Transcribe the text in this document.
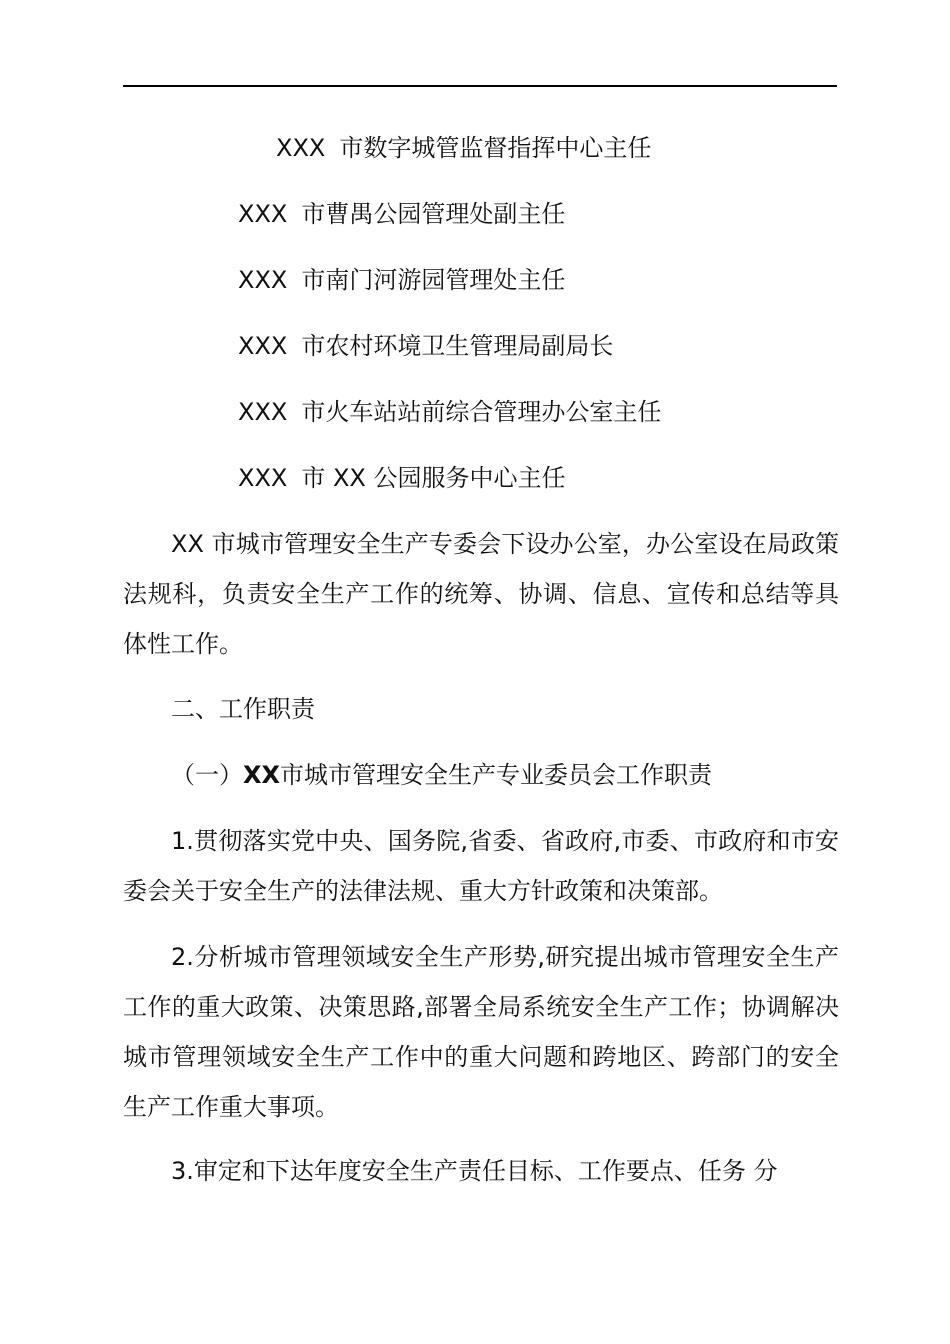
XXX 市数字城管监督指挥中心主任
XXX 市曹禺公园管理处副主任
XXX 市南门河游园管理处主任
XXX 市农村环境卫生管理局副局长
XXX 市火车站站前综合管理办公室主任
XXX 市 XX 公园服务中心主任
XX 市城市管理安全生产专委会下设办公室，办公室设在局政策法规科，负责安全生产工作的统筹、协调、信息、宣传和总结等具体性工作。
二、工作职责
（一）XX市城市管理安全生产专业委员会工作职责
1.贯彻落实党中央、国务院,省委、省政府,市委、市政府和市安委会关于安全生产的法律法规、重大方针政策和决策部。
2.分析城市管理领域安全生产形势,研究提出城市管理安全生产工作的重大政策、决策思路,部署全局系统安全生产工作；协调解决城市管理领域安全生产工作中的重大问题和跨地区、跨部门的安全生产工作重大事项。
3.审定和下达年度安全生产责任目标、工作要点、任务 分
